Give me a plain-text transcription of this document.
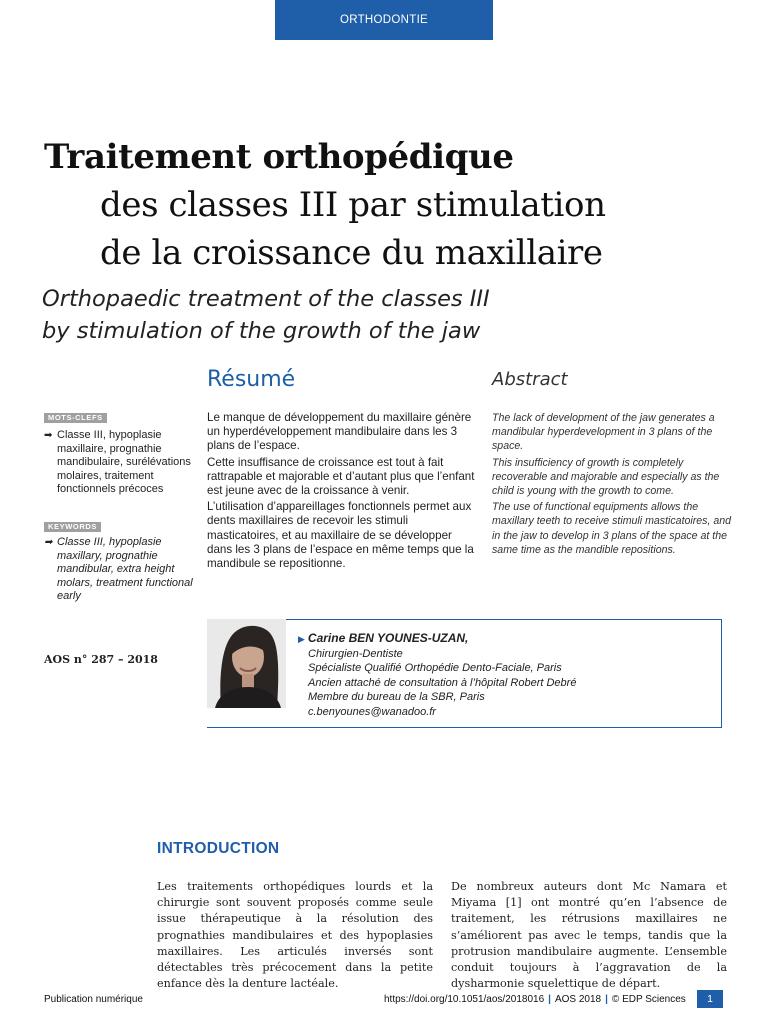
ORTHODONTIE
Traitement orthopédique
des classes III par stimulation
de la croissance du maxillaire
Orthopaedic treatment of the classes III
by stimulation of the growth of the jaw
Résumé	Abstract
MOTS-CLEFS
➡ Classe III, hypoplasie maxillaire, prognathie mandibulaire, surélévations molaires, traitement fonctionnels précoces
KEYWORDS
➡ Classe III, hypoplasie maxillary, prognathie mandibular, extra height molars, treatment functional early
AOS n° 287 – 2018

Le manque de développement du maxillaire génère un hyperdéveloppement mandibulaire dans les 3 plans de l’espace.

Cette insuffisance de croissance est tout à fait rattrapable et majorable et d’autant plus que l’enfant est jeune avec de la croissance à venir.

L’utilisation d’appareillages fonctionnels permet aux dents maxillaires de recevoir les stimuli masticatoires, et au maxillaire de se développer dans les 3 plans de l’espace en même temps que la mandibule se repositionne.

The lack of development of the jaw generates a mandibular hyperdevelopment in 3 plans of the space.

This insufficiency of growth is completely recoverable and majorable and especially as the child is young with the growth to come.

The use of functional equipments allows the maxillary teeth to receive stimuli masticatoires, and in the jaw to develop in 3 plans of the space at the same time as the mandible repositions.

▶ Carine BEN YOUNES-UZAN,
Chirurgien-Dentiste
Spécialiste Qualifié Orthopédie Dento-Faciale, Paris
Ancien attaché de consultation à l’hôpital Robert Debré
Membre du bureau de la SBR, Paris
c.benyounes@wanadoo.fr
INTRODUCTION
Les traitements orthopédiques lourds et la chirurgie sont souvent proposés comme seule issue thérapeutique à la résolution des prognathies mandibulaires et des hypoplasies maxillaires. Les articulés inversés sont détectables très précocement dans la petite enfance dès la denture lactéale.
De nombreux auteurs dont Mc Namara et Miyama [1] ont montré qu’en l’absence de traitement, les rétrusions maxillaires ne s’améliorent pas avec le temps, tandis que la protrusion mandibulaire augmente. L’ensemble conduit toujours à l’aggravation de la dysharmonie squelettique de départ.
Publication numérique	https://doi.org/10.1051/aos/2018016 | AOS 2018 | © EDP Sciences	1
